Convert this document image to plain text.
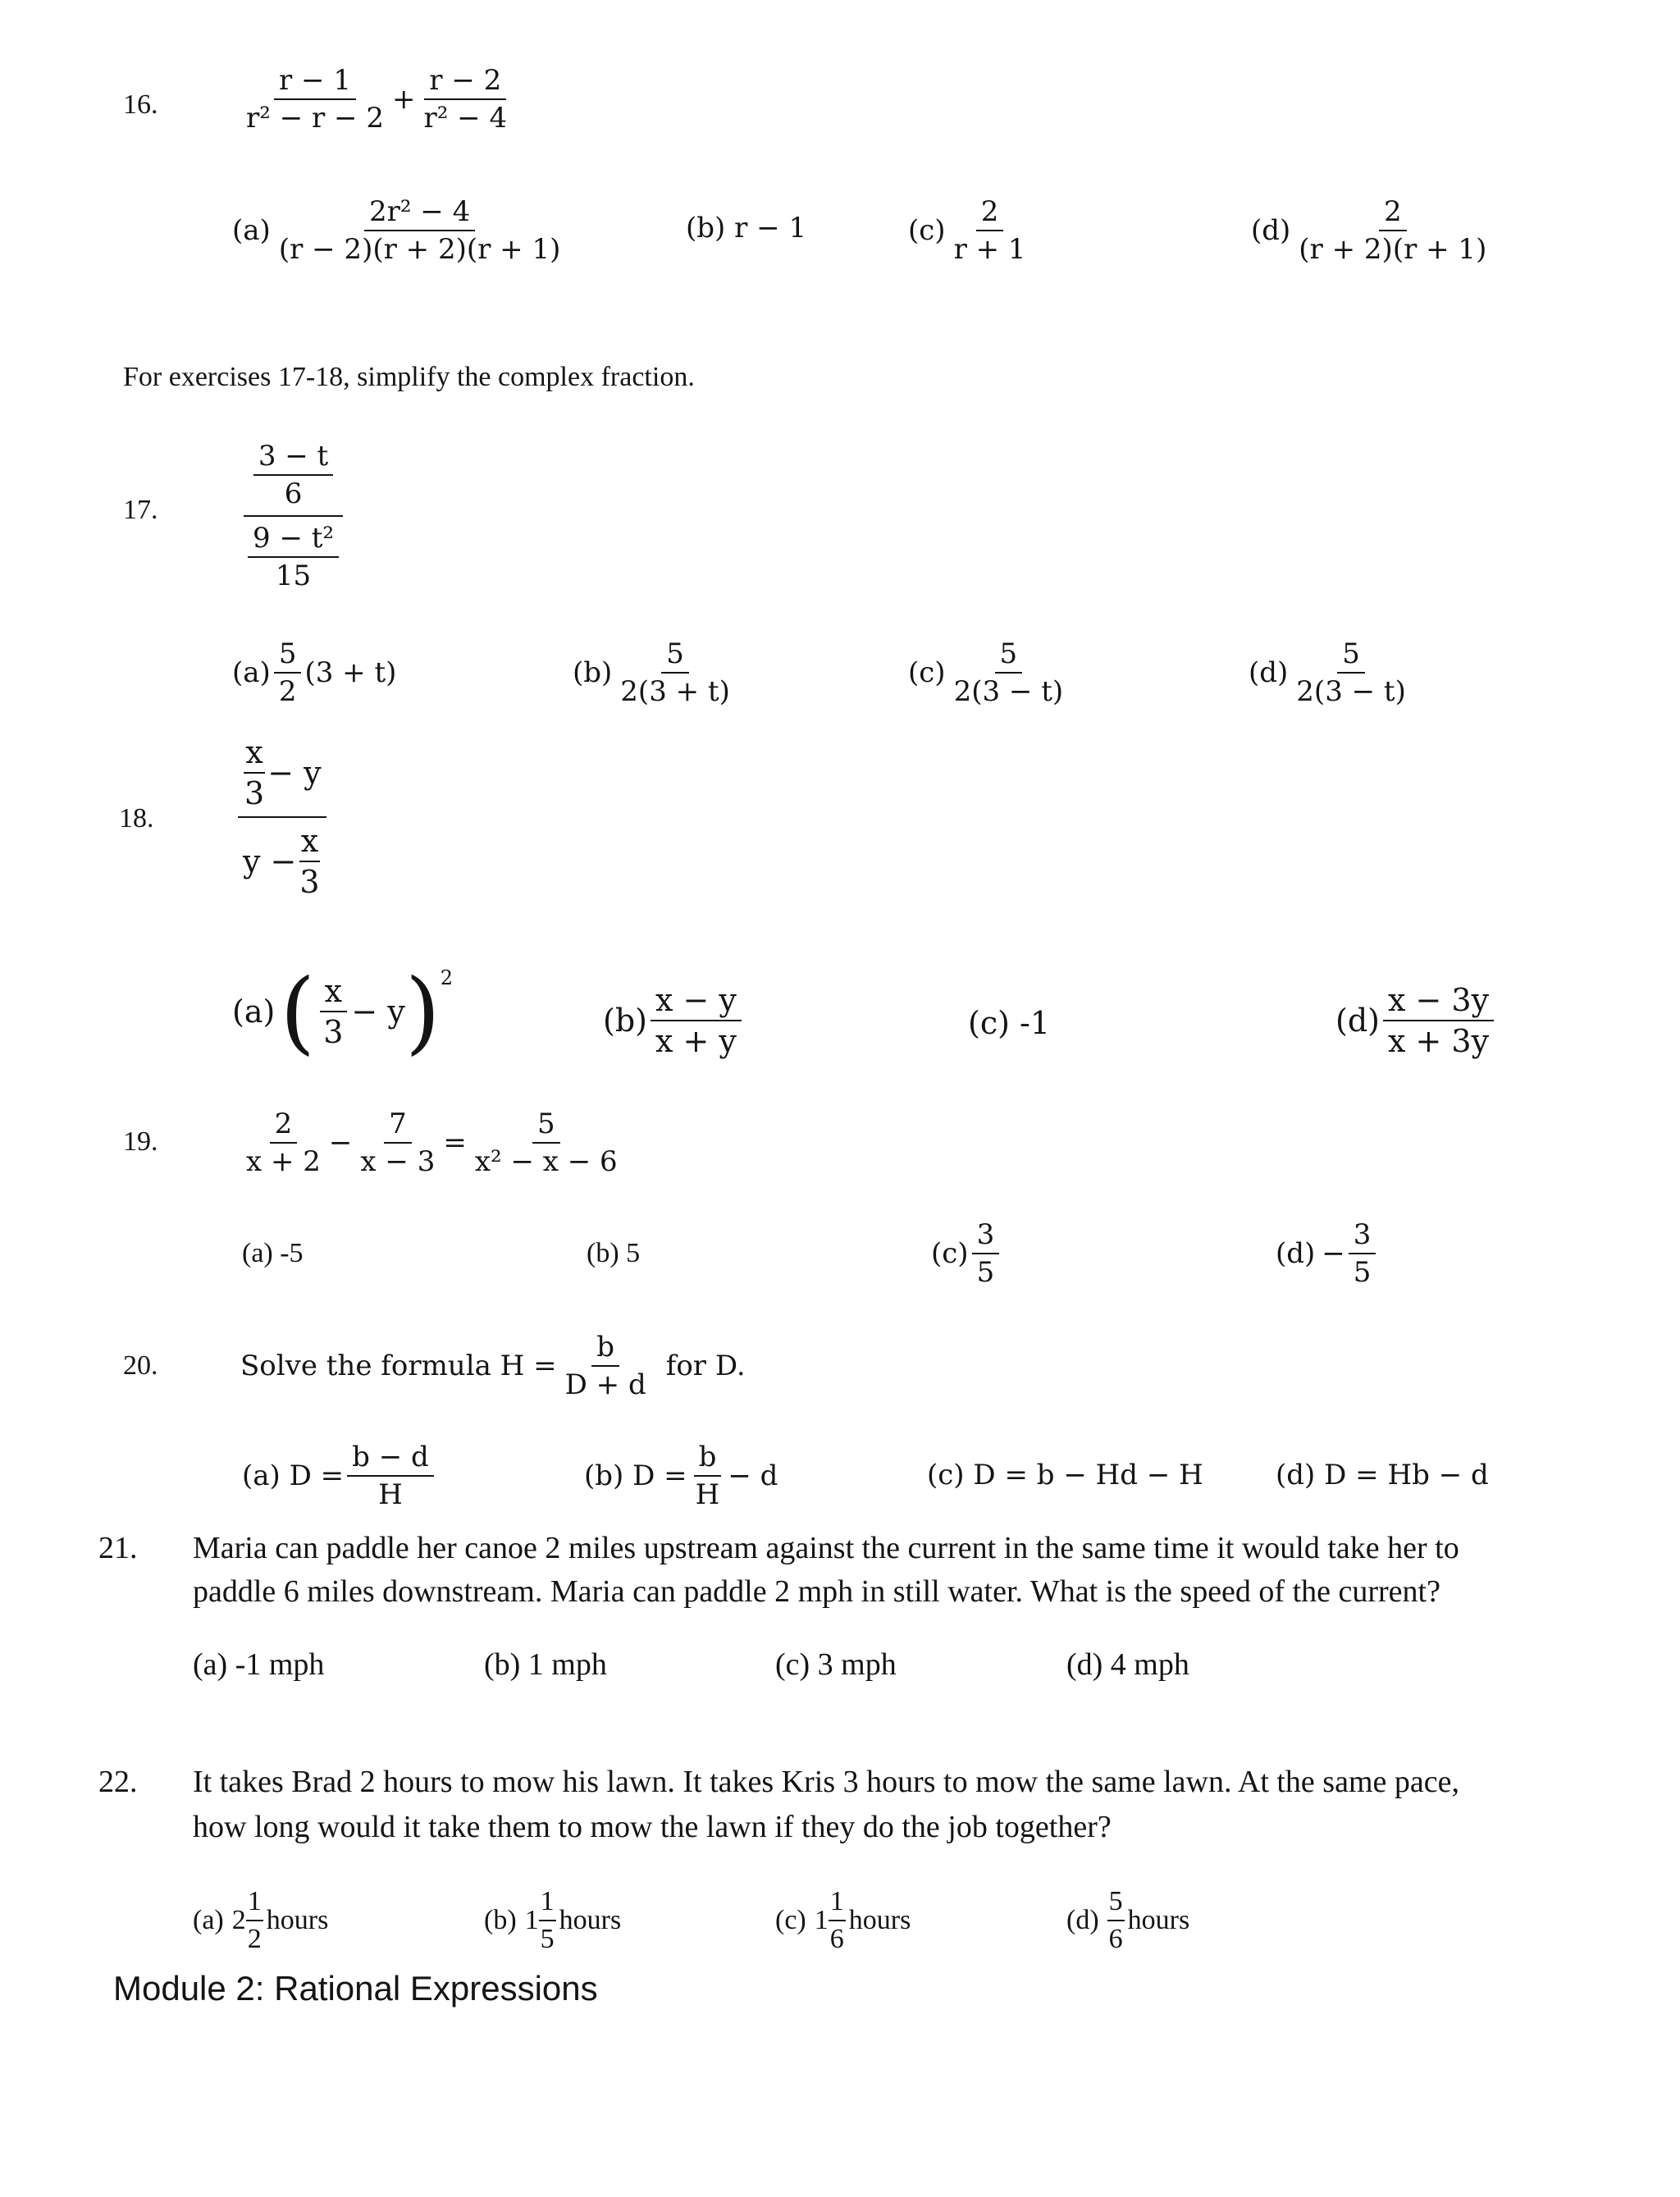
16.	$\frac{r - 1}{\text{r² − r − 2}} + \frac{r - 2}{\text{r² − 4}}$
$(a) \frac{\text{2r² − 4}}{(r - 2)(r + 2)(r + 1)}$	(b) r − 1	$(c) \frac{2}{r + 1}$	$(d) \frac{2}{(r + 2)(r + 1)}$
For exercises 17-18, simplify the complex fraction.
17.	$\frac{\frac{3 - t}{6}}{\frac{\text{9 − t²}}{15}}$
$(a) \frac{5}{2} (3 + t)$	$(b) \frac{5}{2(3 + t)}$	$(c) \frac{5}{2(3 - t)}$	$(d) \frac{5}{2(3 - t)}$
18.	$\frac{\frac{x}{3} - y}{y - \frac{x}{3}}$
(a) ( $\frac{x}{3} - y$ ) 2
$(b) \frac{x - y}{x + y}$	(c) -1	$(d) \frac{x - 3y}{x + 3y}$
19.	$\frac{2}{x + 2} - \frac{7}{x - 3} = \frac{5}{\text{x² − x − 6}}$
(a) -5	(b) 5	$(c) \frac{3}{5}$	$(d) - \frac{3}{5}$
20.	Solve the formula $H = \frac{b}{D + d}$ for D.
(a) $D = \frac{b - d}{H}$	(b) $D = \frac{b}{H} - d$	(c) D = b − Hd − H	(d) D = Hb − d
21. Maria can paddle her canoe 2 miles upstream against the current in the same time it would take her to
paddle 6 miles downstream. Maria can paddle 2 mph in still water. What is the speed of the current?
(a) -1 mph	(b) 1 mph	(c) 3 mph	(d) 4 mph
22. It takes Brad 2 hours to mow his lawn. It takes Kris 3 hours to mow the same lawn. At the same pace,
how long would it take them to mow the lawn if they do the job together?
(a) $2 \frac{1}{2}$ hours	(b) $1 \frac{1}{5}$ hours	(c) $1 \frac{1}{6}$ hours	$(d) \frac{5}{6}$ hours
Module 2: Rational Expressions
